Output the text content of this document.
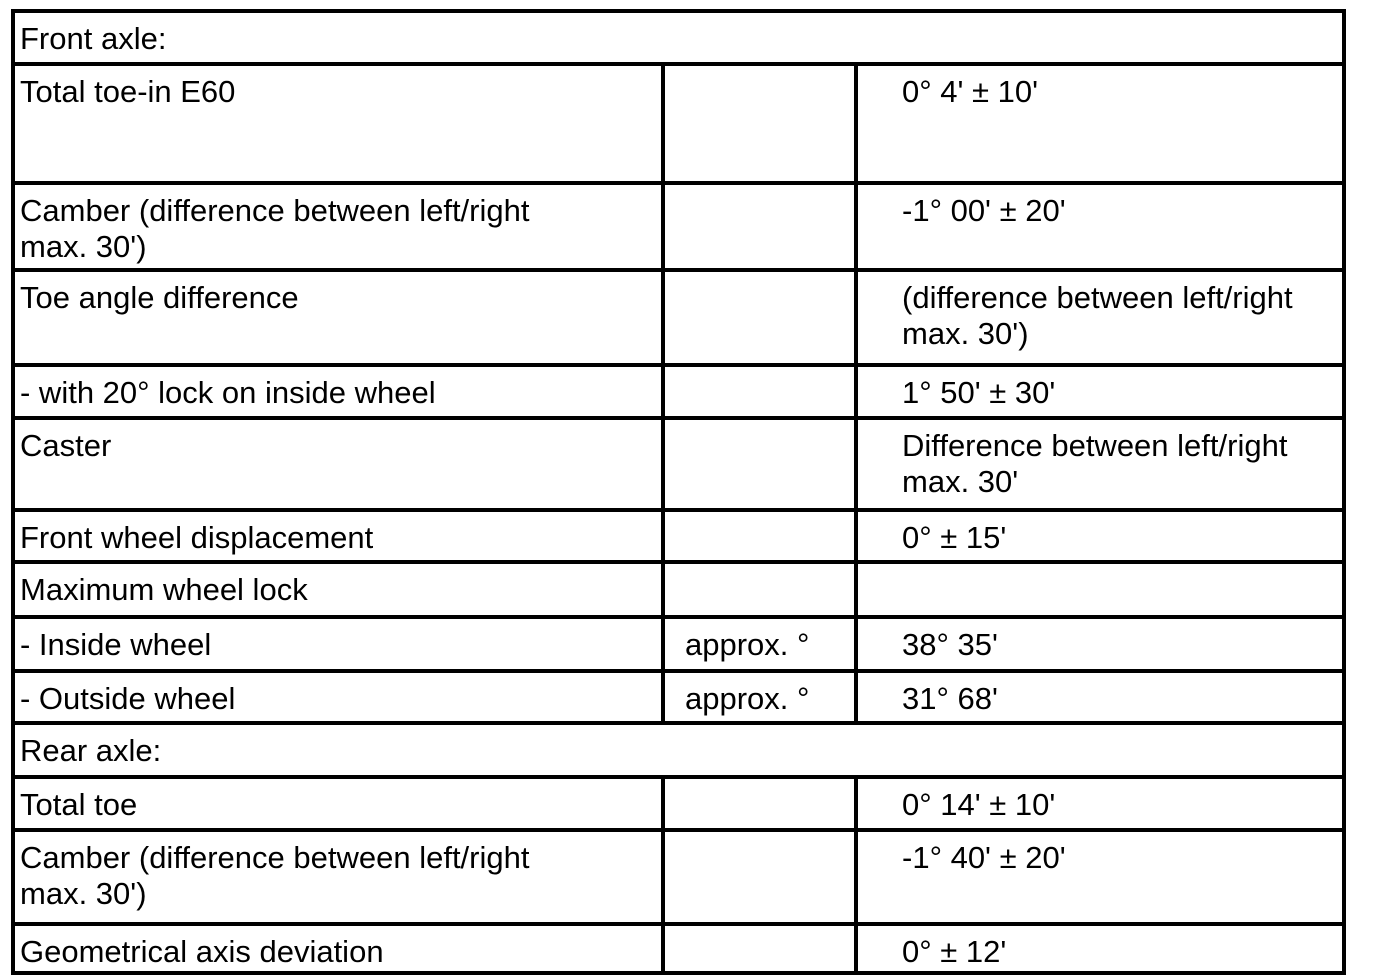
Front axle:		

Total toe-in E60		0° 4' ± 10'

Camber (difference between left/right
max. 30')		-1° 00' ± 20'

Toe angle difference		(difference between left/right
max. 30')

- with 20° lock on inside wheel		1° 50' ± 30'

Caster		Difference between left/right
max. 30'

Front wheel displacement		0° ± 15'

Maximum wheel lock		

- Inside wheel	approx. °	38° 35'

- Outside wheel	approx. °	31° 68'

Rear axle:		

Total toe		0° 14' ± 10'

Camber (difference between left/right
max. 30')		-1° 40' ± 20'

Geometrical axis deviation		0° ± 12'
